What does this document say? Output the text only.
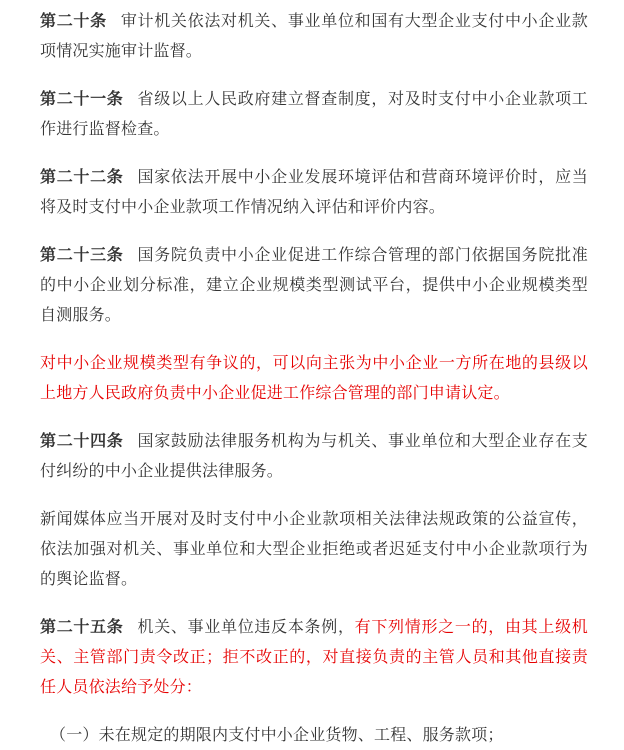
第二十条 审计机关依法对机关、事业单位和国有大型企业支付中小企业款项情况实施审计监督。

第二十一条 省级以上人民政府建立督查制度，对及时支付中小企业款项工作进行监督检查。

第二十二条 国家依法开展中小企业发展环境评估和营商环境评价时，应当将及时支付中小企业款项工作情况纳入评估和评价内容。

第二十三条 国务院负责中小企业促进工作综合管理的部门依据国务院批准的中小企业划分标准，建立企业规模类型测试平台，提供中小企业规模类型自测服务。

对中小企业规模类型有争议的，可以向主张为中小企业一方所在地的县级以上地方人民政府负责中小企业促进工作综合管理的部门申请认定。

第二十四条 国家鼓励法律服务机构为与机关、事业单位和大型企业存在支付纠纷的中小企业提供法律服务。

新闻媒体应当开展对及时支付中小企业款项相关法律法规政策的公益宣传，依法加强对机关、事业单位和大型企业拒绝或者迟延支付中小企业款项行为的舆论监督。

第二十五条 机关、事业单位违反本条例，有下列情形之一的，由其上级机关、主管部门责令改正；拒不改正的，对直接负责的主管人员和其他直接责任人员依法给予处分：

（一）未在规定的期限内支付中小企业货物、工程、服务款项；
